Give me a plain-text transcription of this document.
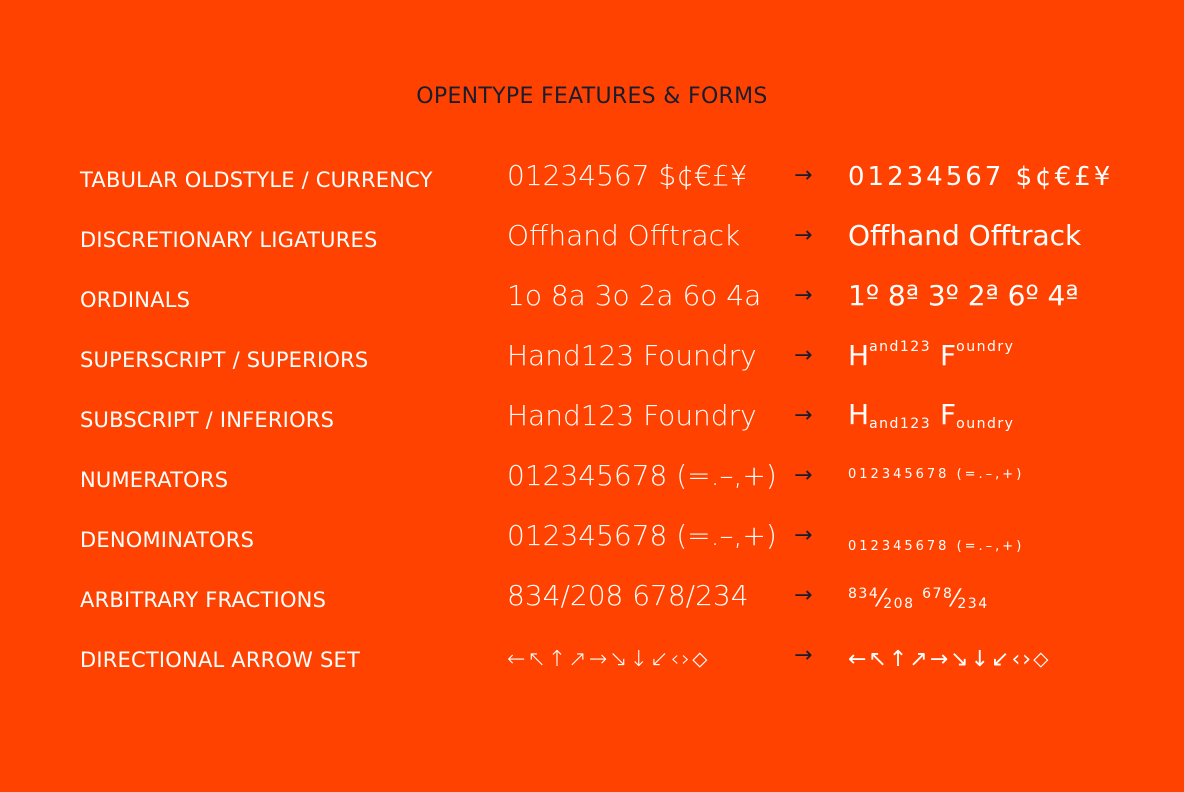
OPENTYPE FEATURES & FORMS
TABULAR OLDSTYLE / CURRENCY	01234567 $¢€£¥ → 01234567 $¢€£¥
DISCRETIONARY LIGATURES	Offhand Offtrack → Offhand Offtrack
ORDINALS	1o 8a 3o 2a 6o 4a → 1º 8ª 3º 2ª 6º 4ª
SUPERSCRIPT / SUPERIORS	Hand123 Foundry → $H^{and123}$ $F^{oundry}$
SUBSCRIPT / INFERIORS	Hand123 Foundry → $H_{and123}$ $F_{oundry}$
NUMERATORS	012345678 (=.–,+) →	012345678 (=.–,+)
DENOMINATORS	012345678 (=.–,+) →	012345678 (=.–,+)
ARBITRARY FRACTIONS	834/208 678/234 →	$^{834}$⁄208 $^{678}$⁄234
DIRECTIONAL ARROW SET	←↖↑↗→↘↓↙‹›⬦	→ ←↖↑↗→↘↓↙‹›⬦
